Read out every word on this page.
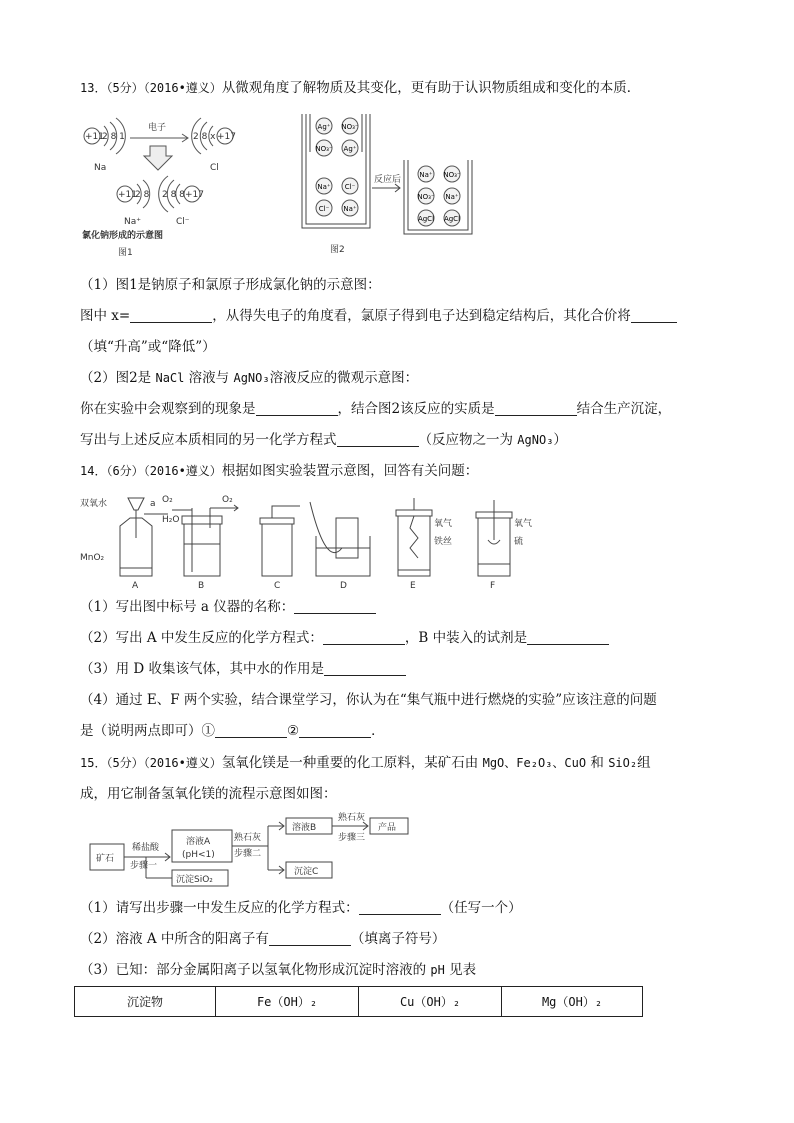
13．（5分）（2016•遵义）从微观角度了解物质及其变化，更有助于认识物质组成和变化的本质．
+11	+17
2 8 1	2 8 x
电子
Na	Cl
+11	+17
2 8 2 8 8
Na⁺	Cl⁻
氯化钠形成的示意图
图1
Ag⁺ NO₃⁻
NO₃⁻ Ag⁺
Na⁺ Cl⁻
Cl⁻ Na⁺
Na⁺ NO₃⁻
NO₃⁻ Na⁺
AgCl AgCl
反应后
图2
（1）图1是钠原子和氯原子形成氯化钠的示意图：
图中 x=	，从得失电子的角度看，氯原子得到电子达到稳定结构后，其化合价将
（填“升高”或“降低”）
（2）图2是 NaCl 溶液与 AgNO₃溶液反应的微观示意图：
你在实验中会观察到的现象是	，结合图2该反应的实质是	结合生产沉淀，
写出与上述反应本质相同的另一化学方程式	（反应物之一为 AgNO₃）
14．（6分）（2016•遵义）根据如图实验装置示意图，回答有关问题：
双氧水
MnO₂
a O₂
H₂O
O₂
氧气
铁丝
氧气
硫
A	B	C	D	E	F
（1）写出图中标号 a 仪器的名称：
（2）写出 A 中发生反应的化学方程式：	，B 中装入的试剂是
（3）用 D 收集该气体，其中水的作用是
（4）通过 E、F 两个实验，结合课堂学习，你认为在“集气瓶中进行燃烧的实验”应该注意的问题
是（说明两点即可）①	②	．
15．（5分）（2016•遵义）氢氧化镁是一种重要的化工原料，某矿石由 MgO、Fe₂O₃、CuO 和 SiO₂组
成，用它制备氢氧化镁的流程示意图如图：
矿石
稀盐酸
步骤一
溶液A
(pH<1)
熟石灰
步骤二
溶液B
熟石灰
步骤三
产品
沉淀C
沉淀SiO₂
（1）请写出步骤一中发生反应的化学方程式：	（任写一个）
（2）溶液 A 中所含的阳离子有	（填离子符号）
（3）已知：部分金属阳离子以氢氧化物形成沉淀时溶液的 pH 见表
沉淀物	Fe（OH）₂	Cu（OH）₂	Mg（OH）₂
